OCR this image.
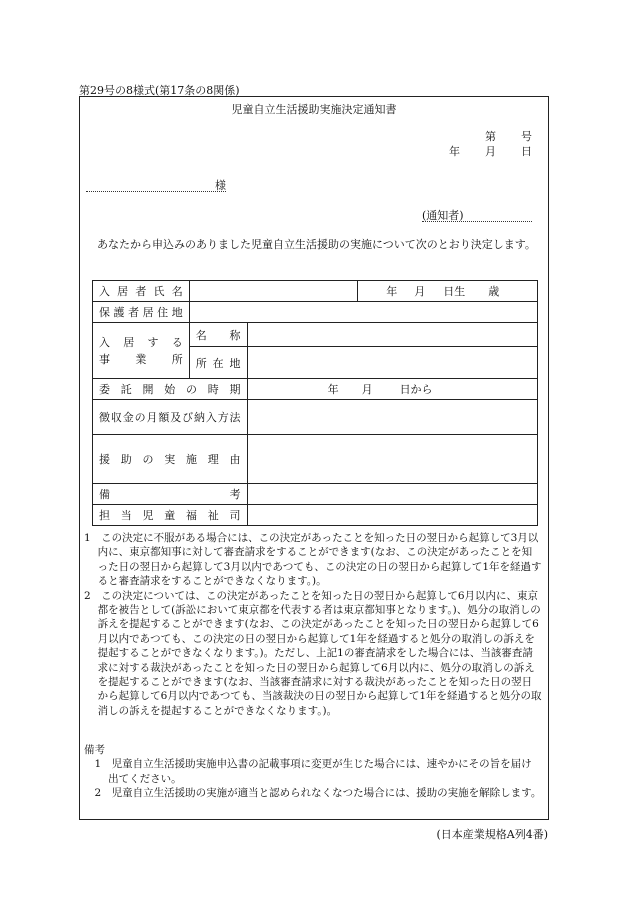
第29号の8様式(第17条の8関係)
児童自立生活援助実施決定通知書
第 号
年 月 日
様
(通知者)
あなたから申込みのありました児童自立生活援助の実施について次のとおり決定します。
入居者氏名			年 月 日生 歳
保護者居住地			

入居する
事業所	名称		
	所在地		
委託開始の時期		年 月 日から	
徴収金の月額及び納入方法			
援助の実施理由			
備 考			

担当児童福祉司			

1　この決定に不服がある場合には、この決定があったことを知った日の翌日から起算して3月以内に、東京都知事に対して審査請求をすることができます(なお、この決定があったことを知った日の翌日から起算して3月以内であつても、この決定の日の翌日から起算して1年を経過すると審査請求をすることができなくなります。)。

2　この決定については、この決定があったことを知った日の翌日から起算して6月以内に、東京都を被告として(訴訟において東京都を代表する者は東京都知事となります。)、処分の取消しの訴えを提起することができます(なお、この決定があったことを知った日の翌日から起算して6月以内であつても、この決定の日の翌日から起算して1年を経過すると処分の取消しの訴えを提起することができなくなります。)。ただし、上記1の審査請求をした場合には、当該審査請求に対する裁決があったことを知った日の翌日から起算して6月以内に、処分の取消しの訴えを提起することができます(なお、当該審査請求に対する裁決があったことを知った日の翌日から起算して6月以内であつても、当該裁決の日の翌日から起算して1年を経過すると処分の取消しの訴えを提起することができなくなります。)。

備考

1　児童自立生活援助実施申込書の記載事項に変更が生じた場合には、速やかにその旨を届け出てください。

2　児童自立生活援助の実施が適当と認められなくなつた場合には、援助の実施を解除します。

(日本産業規格A列4番)
